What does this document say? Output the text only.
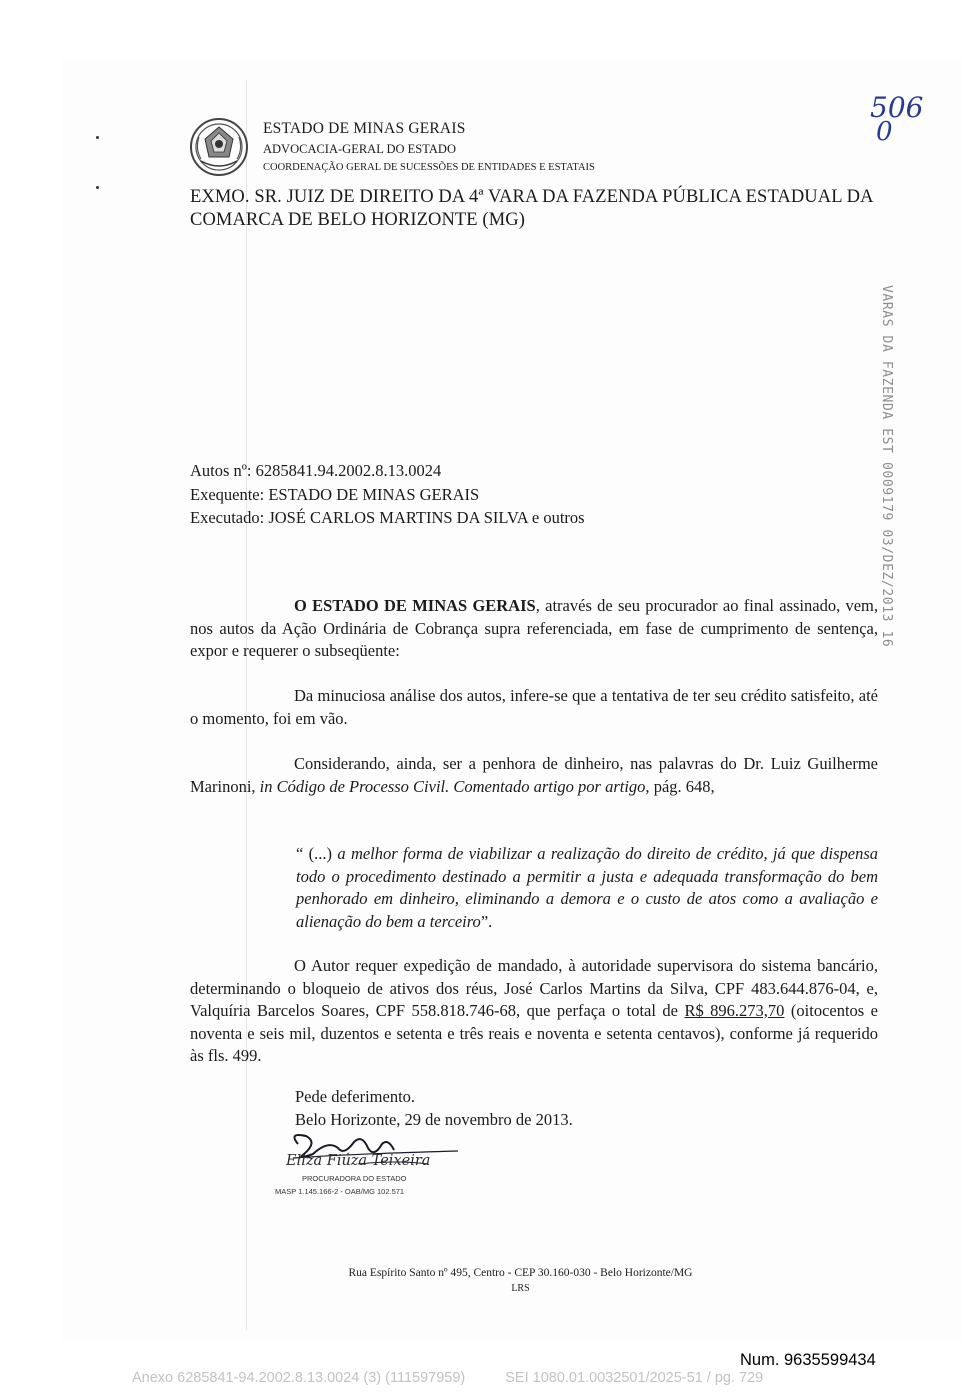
ESTADO DE MINAS GERAIS
ADVOCACIA-GERAL DO ESTADO
COORDENAÇÃO GERAL DE SUCESSÕES DE ENTIDADES E ESTATAIS
506
0
EXMO. SR. JUIZ DE DIREITO DA 4ª VARA DA FAZENDA PÚBLICA ESTADUAL DA COMARCA DE BELO HORIZONTE (MG)
VARAS DA FAZENDA EST 0009179 03/DEZ/2013 16
Autos nº: 6285841.94.2002.8.13.0024
Exequente: ESTADO DE MINAS GERAIS
Executado: JOSÉ CARLOS MARTINS DA SILVA e outros
O ESTADO DE MINAS GERAIS, através de seu procurador ao final assinado, vem, nos autos da Ação Ordinária de Cobrança supra referenciada, em fase de cumprimento de sentença, expor e requerer o subseqüente:
Da minuciosa análise dos autos, infere-se que a tentativa de ter seu crédito satisfeito, até o momento, foi em vão.
Considerando, ainda, ser a penhora de dinheiro, nas palavras do Dr. Luiz Guilherme Marinoni, in Código de Processo Civil. Comentado artigo por artigo, pág. 648,
“ (...) a melhor forma de viabilizar a realização do direito de crédito, já que dispensa todo o procedimento destinado a permitir a justa e adequada transformação do bem penhorado em dinheiro, eliminando a demora e o custo de atos como a avaliação e alienação do bem a terceiro”.
O Autor requer expedição de mandado, à autoridade supervisora do sistema bancário, determinando o bloqueio de ativos dos réus, José Carlos Martins da Silva, CPF 483.644.876-04, e, Valquíria Barcelos Soares, CPF 558.818.746-68, que perfaça o total de R$ 896.273,70 (oitocentos e noventa e seis mil, duzentos e setenta e três reais e noventa e setenta centavos), conforme já requerido às fls. 499.
Pede deferimento.
Belo Horizonte, 29 de novembro de 2013.
Eliza Fiúza Teixeira
PROCURADORA DO ESTADO
MASP 1.145.166-2 - OAB/MG 102.571
Rua Espírito Santo nº 495, Centro - CEP 30.160-030 - Belo Horizonte/MG
LRS
Num. 9635599434
Anexo 6285841-94.2002.8.13.0024 (3) (111597959)	SEI 1080.01.0032501/2025-51 / pg. 729
